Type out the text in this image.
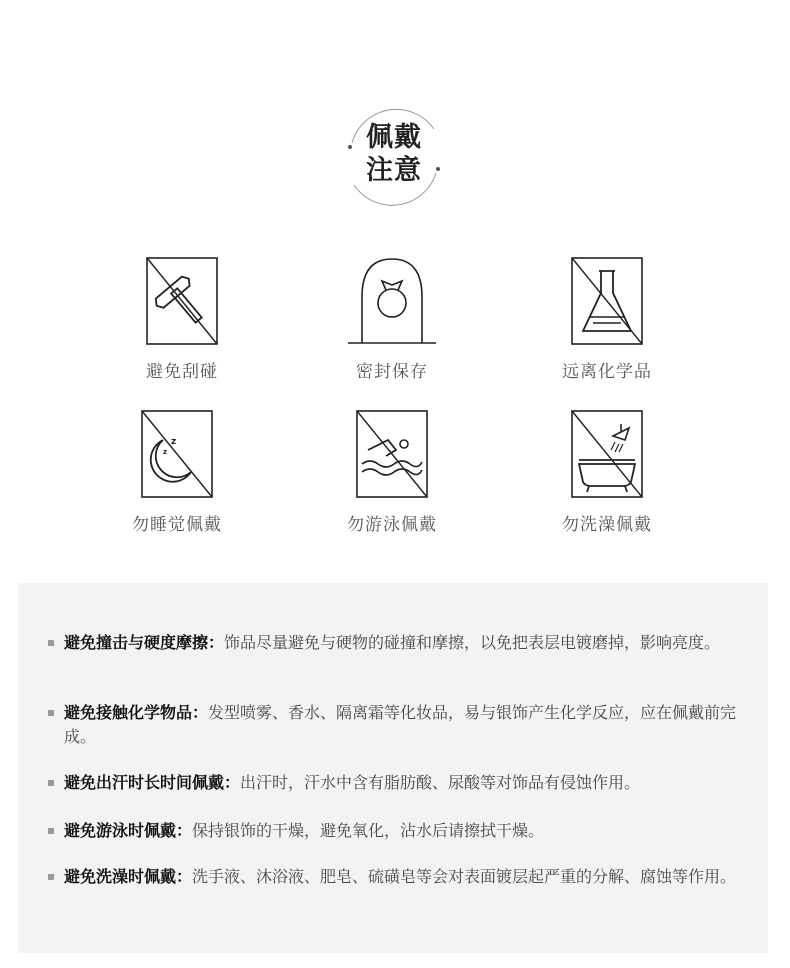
佩戴
注意
避免刮碰	密封保存	远离化学品
z
z
勿睡觉佩戴	勿游泳佩戴	勿洗澡佩戴
避免撞击与硬度摩擦：饰品尽量避免与硬物的碰撞和摩擦，以免把表层电镀磨掉，影响亮度。
避免接触化学物品：发型喷雾、香水、隔离霜等化妆品，易与银饰产生化学反应，应在佩戴前完成。
避免出汗时长时间佩戴：出汗时，汗水中含有脂肪酸、尿酸等对饰品有侵蚀作用。
避免游泳时佩戴：保持银饰的干燥，避免氧化，沾水后请擦拭干燥。
避免洗澡时佩戴：洗手液、沐浴液、肥皂、硫磺皂等会对表面镀层起严重的分解、腐蚀等作用。
